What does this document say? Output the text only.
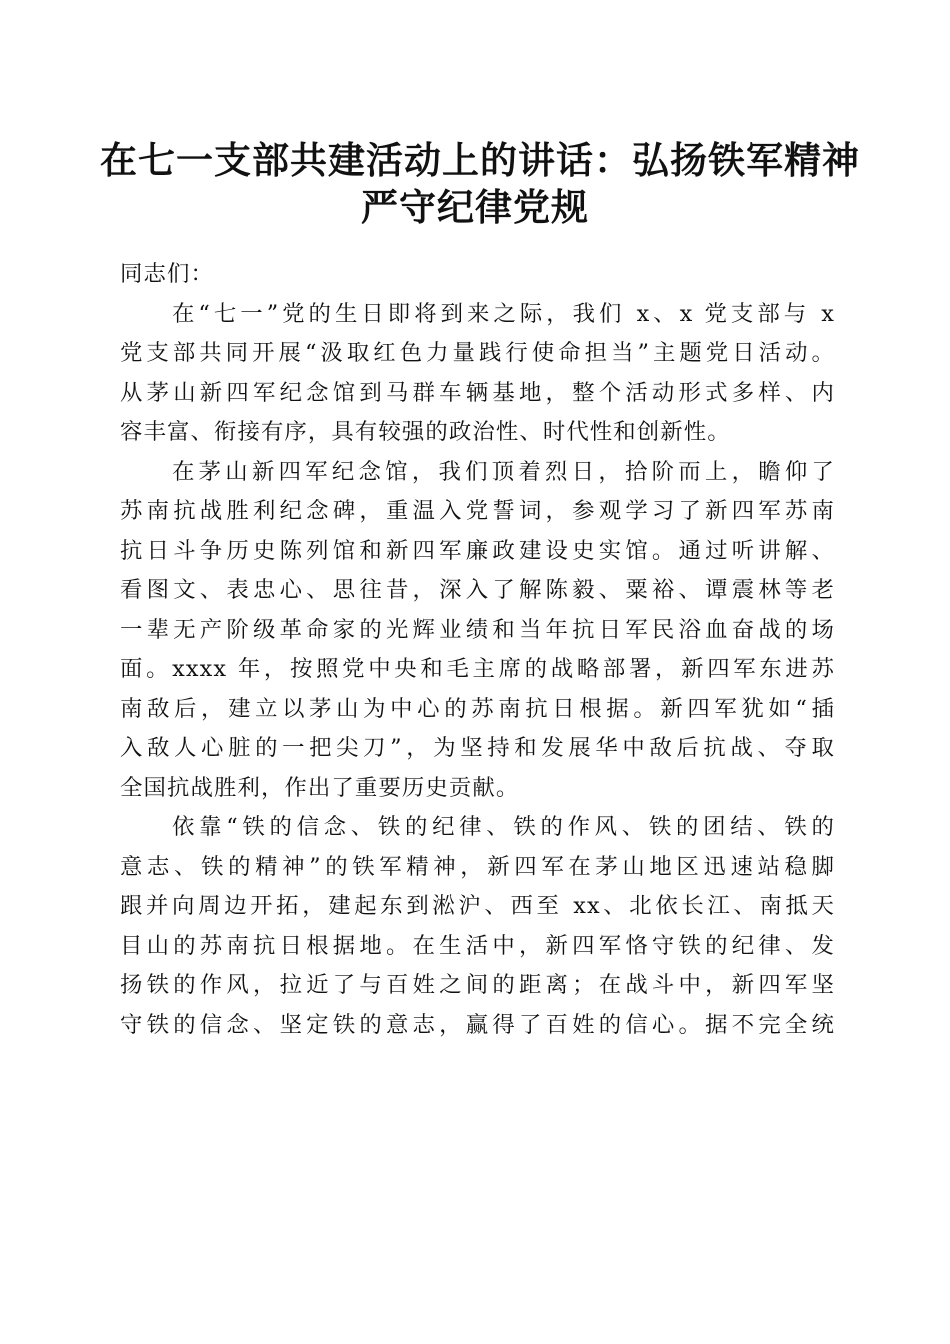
在七一支部共建活动上的讲话：弘扬铁军精神
严守纪律党规

同志们：

在“七一”党的生日即将到来之际，我们 x、x 党支部与 x
党支部共同开展“汲取红色力量践行使命担当”主题党日活动。
从茅山新四军纪念馆到马群车辆基地，整个活动形式多样、内
容丰富、衔接有序，具有较强的政治性、时代性和创新性。
在茅山新四军纪念馆，我们顶着烈日，拾阶而上，瞻仰了
苏南抗战胜利纪念碑，重温入党誓词，参观学习了新四军苏南
抗日斗争历史陈列馆和新四军廉政建设史实馆。通过听讲解、
看图文、表忠心、思往昔，深入了解陈毅、粟裕、谭震林等老
一辈无产阶级革命家的光辉业绩和当年抗日军民浴血奋战的场
面。xxxx 年，按照党中央和毛主席的战略部署，新四军东进苏
南敌后，建立以茅山为中心的苏南抗日根据。新四军犹如“插
入敌人心脏的一把尖刀”，为坚持和发展华中敌后抗战、夺取
全国抗战胜利，作出了重要历史贡献。
依靠“铁的信念、铁的纪律、铁的作风、铁的团结、铁的
意志、铁的精神”的铁军精神，新四军在茅山地区迅速站稳脚
跟并向周边开拓，建起东到淞沪、西至 xx、北依长江、南抵天
目山的苏南抗日根据地。在生活中，新四军恪守铁的纪律、发
扬铁的作风，拉近了与百姓之间的距离；在战斗中，新四军坚
守铁的信念、坚定铁的意志，赢得了百姓的信心。据不完全统
